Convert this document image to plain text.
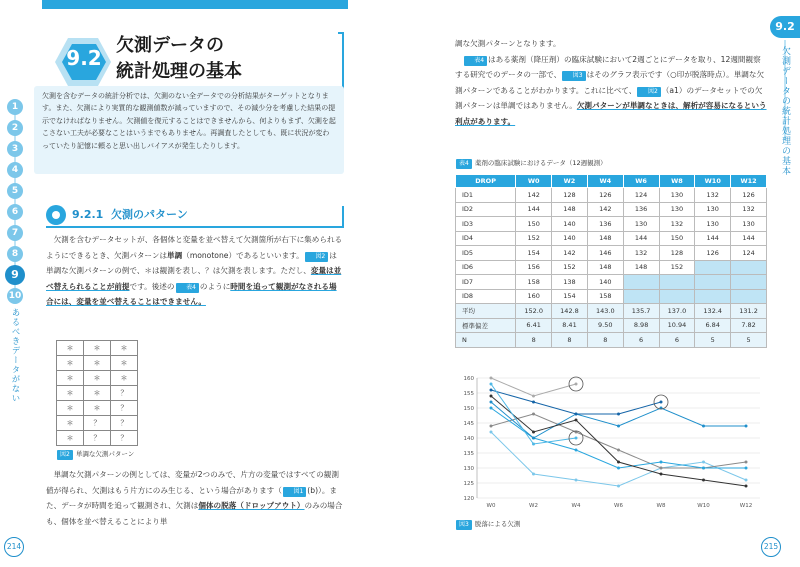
1
2
3
4
5
6
7
8
9
10
あるべきデータがない
9.2
欠測データの統計処理の基本
214	215
9.2
欠測データの
統計処理の基本
欠測を含むデータの統計分析では、欠測のない全データでの分析結果がターゲットとなります。また、欠測により実質的な観測値数が減っていますので、その減少分を考慮した結果の提示でなければなりません。欠測値を復元することはできませんから、何よりもまず、欠測を起こさない工夫が必要なことはいうまでもありません。再調査したとしても、既に状況が変わっていたり記憶に頼ると思い出しバイアスが発生したりします。
9.2.1 欠測のパターン
欠測を含むデータセットが、各個体と変量を並べ替えて欠測箇所が右下に集められるようにできるとき、欠測パターンは単調（monotone）であるといいます。 図2 は単調な欠測パターンの例で、＊は観測を表し、？は欠測を表します。ただし、変量は並べ替えられることが前提です。後述の 表4 のように時間を追って観測がなされる場合には、変量を並べ替えることはできません。
＊	＊	＊
＊	＊	＊
＊	＊	＊
＊	＊	？
＊	＊	？
＊	？	？
＊	？	？
図2 単調な欠測パターン
単調な欠測パターンの例としては、変量が2つのみで、片方の変量ではすべての観測値が得られ、欠測はもう片方にのみ生じる、という場合があります（ 図1 (b)）。また、データが時間を追って観測され、欠測は個体の脱落（ドロップアウト）のみの場合も、個体を並べ替えることにより単
調な欠測パターンとなります。
表4 はある薬剤（降圧剤）の臨床試験において2週ごとにデータを取り、12週間観察する研究でのデータの一部で、 図3 はそのグラフ表示です（○印が脱落時点）。単調な欠測パターンであることがわかります。これに比べて、 図2 （a1）のデータセットでの欠測パターンは単調ではありません。欠測パターンが単調なときは、解析が容易になるという利点があります。
表4 薬剤の臨床試験におけるデータ（12週観測）
DROP	W0	W2	W4	W6	W8	W10	W12
ID1	142	128	126	124	130	132	126
ID2	144	148	142	136	130	130	132
ID3	150	140	136	130	132	130	130
ID4	152	140	148	144	150	144	144
ID5	154	142	146	132	128	126	124
ID6	156	152	148	148	152		
ID7	158	138	140				
ID8	160	154	158				
平均	152.0	142.8	143.0	135.7	137.0	132.4	131.2
標準偏差	6.41	8.41	9.50	8.98	10.94	6.84	7.82
N	8	8	8	6	6	5	5
120
125
130
135
140
145
150
155
160
W0	W2	W4	W6	W8	W10	W12
図3 脱落による欠測
